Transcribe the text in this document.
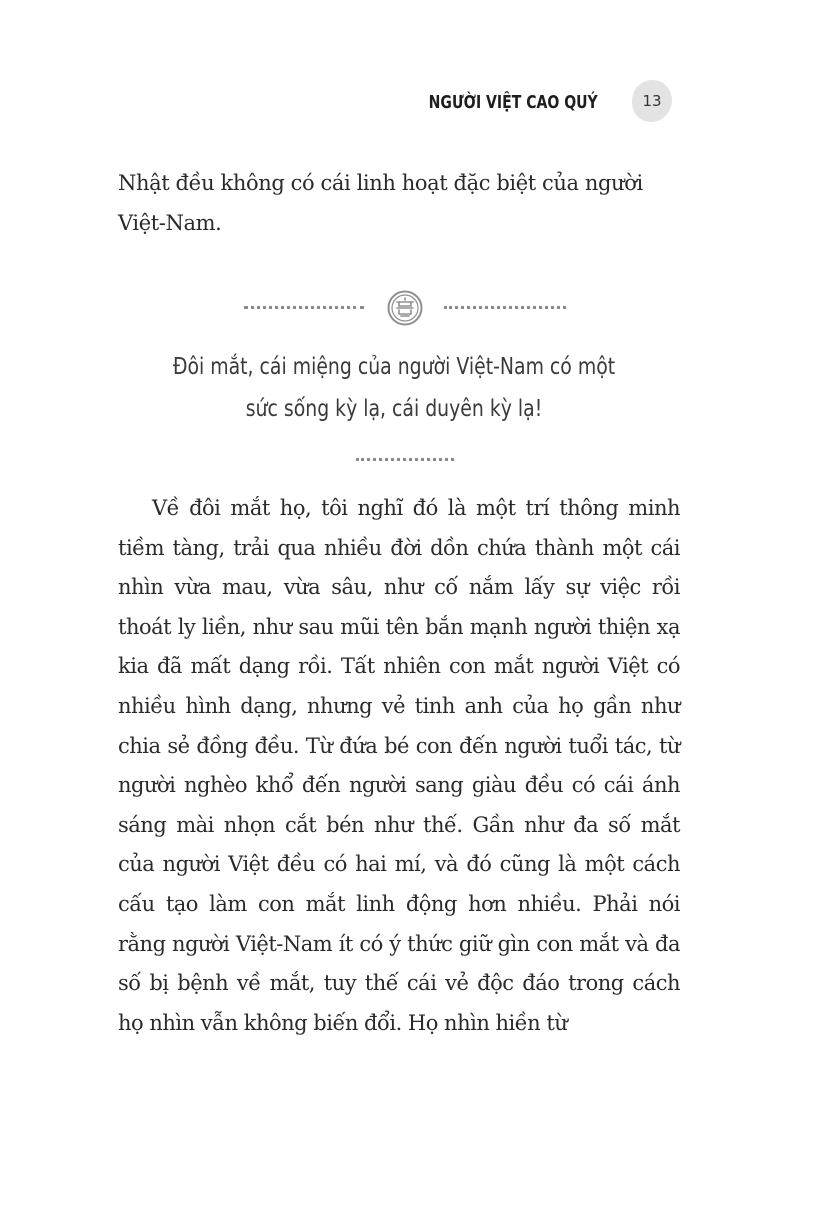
NGƯỜI VIỆT CAO QUÝ	13

Nhật đều không có cái linh hoạt đặc biệt của người Việt-Nam.

Đôi mắt, cái miệng của người Việt-Nam có một
sức sống kỳ lạ, cái duyên kỳ lạ!

Về đôi mắt họ, tôi nghĩ đó là một trí thông minh tiềm tàng, trải qua nhiều đời dồn chứa thành một cái nhìn vừa mau, vừa sâu, như cố nắm lấy sự việc rồi thoát ly liền, như sau mũi tên bắn mạnh người thiện xạ kia đã mất dạng rồi. Tất nhiên con mắt người Việt có nhiều hình dạng, nhưng vẻ tinh anh của họ gần như chia sẻ đồng đều. Từ đứa bé con đến người tuổi tác, từ người nghèo khổ đến người sang giàu đều có cái ánh sáng mài nhọn cắt bén như thế. Gần như đa số mắt của người Việt đều có hai mí, và đó cũng là một cách cấu tạo làm con mắt linh động hơn nhiều. Phải nói rằng người Việt-Nam ít có ý thức giữ gìn con mắt và đa số bị bệnh về mắt, tuy thế cái vẻ độc đáo trong cách họ nhìn vẫn không biến đổi. Họ nhìn hiền từ
